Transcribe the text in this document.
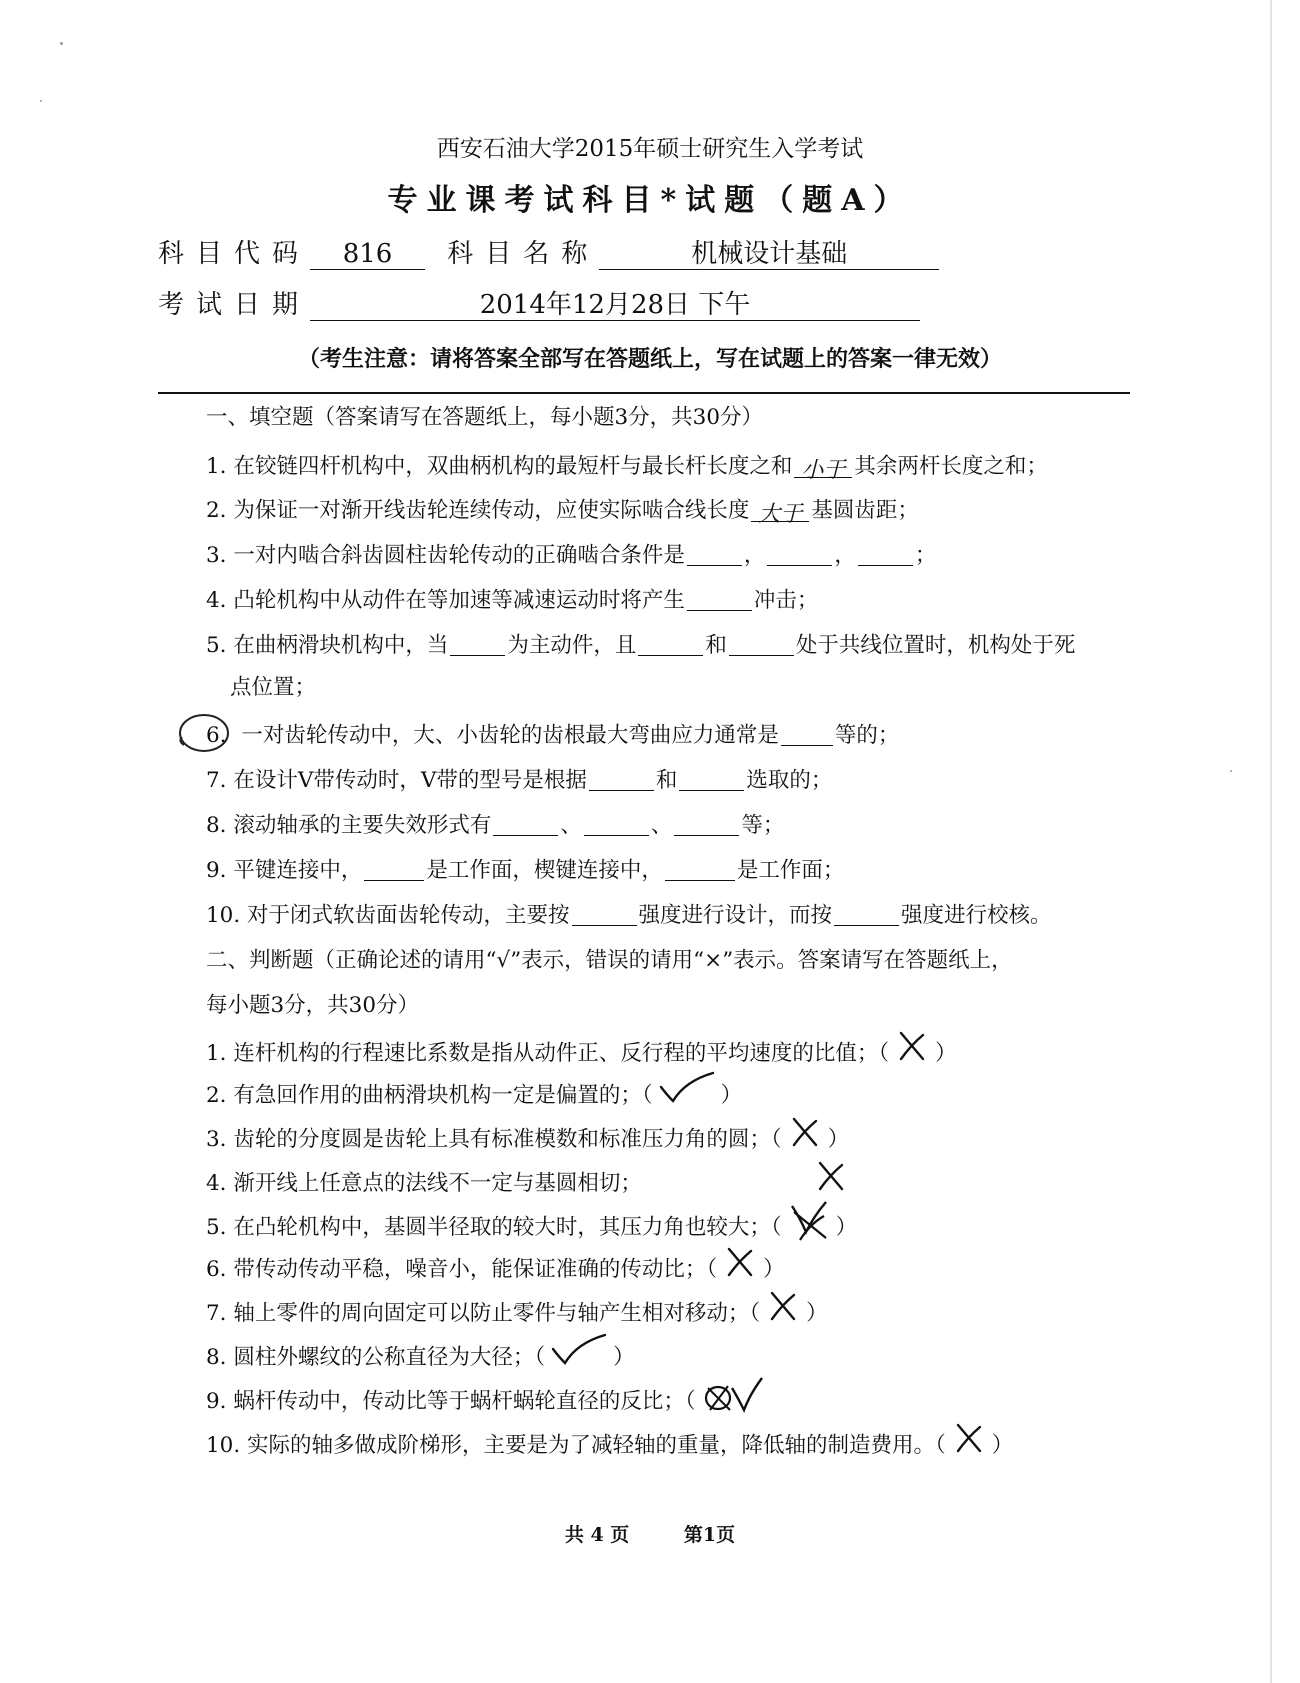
西安石油大学2015年硕士研究生入学考试
专业课考试科目*试题（题A）
科目代码 816 科目名称	机械设计基础
考试日期	2014年12月28日 下午
（考生注意：请将答案全部写在答题纸上，写在试题上的答案一律无效）
一、填空题（答案请写在答题纸上，每小题3分，共30分）
1. 在铰链四杆机构中，双曲柄机构的最短杆与最长杆长度之和 小于 其余两杆长度之和；
2. 为保证一对渐开线齿轮连续传动，应使实际啮合线长度 大于 基圆齿距；
3. 一对内啮合斜齿圆柱齿轮传动的正确啮合条件是	，	，	；
4. 凸轮机构中从动件在等加速等减速运动时将产生	冲击；
5. 在曲柄滑块机构中，当	为主动件，且	和	处于共线位置时，机构处于死
点位置；
6. 一对齿轮传动中，大、小齿轮的齿根最大弯曲应力通常是	等的；
7. 在设计V带传动时，V带的型号是根据	和	选取的；
8. 滚动轴承的主要失效形式有	、	、	等；
9. 平键连接中，	是工作面，楔键连接中，	是工作面；
10. 对于闭式软齿面齿轮传动，主要按	强度进行设计，而按	强度进行校核。
二、判断题（正确论述的请用“√”表示，错误的请用“×”表示。答案请写在答题纸上，
每小题3分，共30分）
1. 连杆机构的行程速比系数是指从动件正、反行程的平均速度的比值；（ ）
2. 有急回作用的曲柄滑块机构一定是偏置的；（	）
3. 齿轮的分度圆是齿轮上具有标准模数和标准压力角的圆；（ ）
4. 渐开线上任意点的法线不一定与基圆相切；
5. 在凸轮机构中，基圆半径取的较大时，其压力角也较大；（	）
6. 带传动传动平稳，噪音小，能保证准确的传动比；（ ）
7. 轴上零件的周向固定可以防止零件与轴产生相对移动；（ ）
8. 圆柱外螺纹的公称直径为大径；（	）
9. 蜗杆传动中，传动比等于蜗杆蜗轮直径的反比；（
10. 实际的轴多做成阶梯形，主要是为了减轻轴的重量，降低轴的制造费用。（ ）
共 4 页	第1页
